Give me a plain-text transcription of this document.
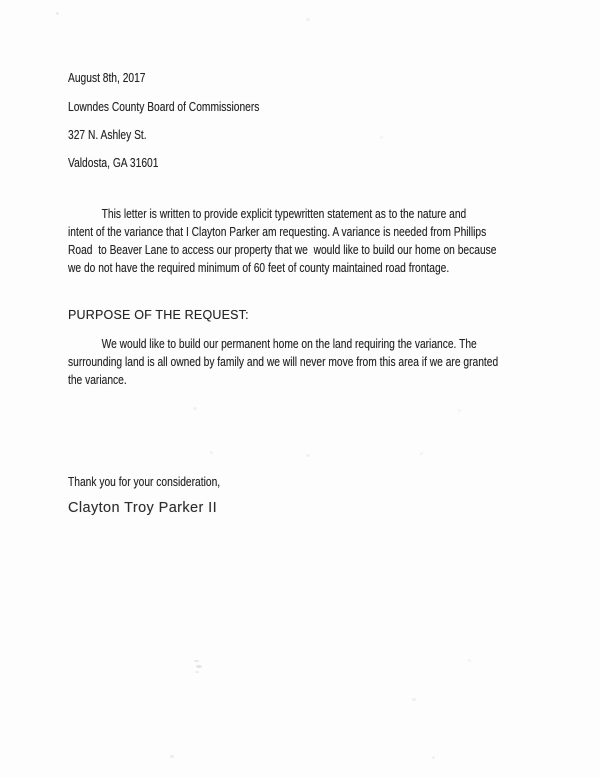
August 8th, 2017
Lowndes County Board of Commissioners
327 N. Ashley St.
Valdosta, GA 31601
This letter is written to provide explicit typewritten statement as to the nature and
intent of the variance that I Clayton Parker am requesting. A variance is needed from Phillips
Road  to Beaver Lane to access our property that we  would like to build our home on because
we do not have the required minimum of 60 feet of county maintained road frontage.
PURPOSE OF THE REQUEST:
We would like to build our permanent home on the land requiring the variance. The
surrounding land is all owned by family and we will never move from this area if we are granted
the variance.
Thank you for your consideration,
Clayton Troy Parker II
